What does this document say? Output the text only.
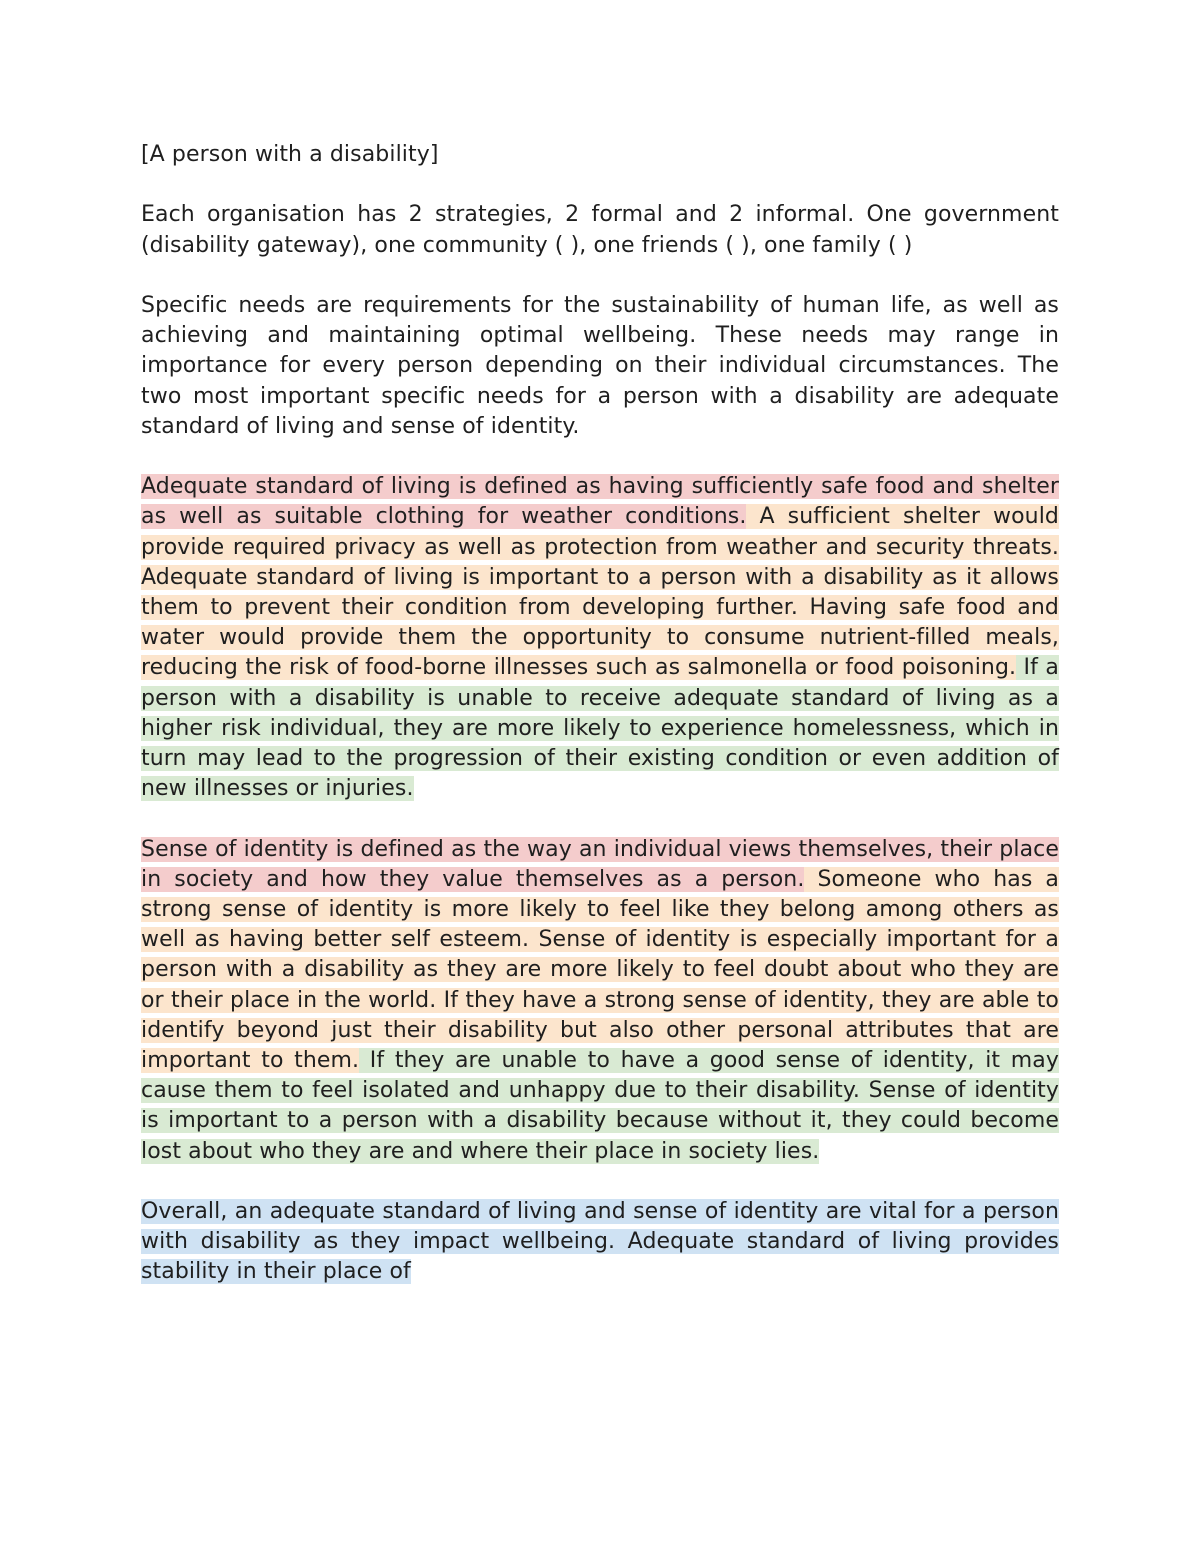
[A person with a disability]

Each organisation has 2 strategies, 2 formal and 2 informal. One government (disability gateway), one community ( ), one friends ( ), one family ( )

Specific needs are requirements for the sustainability of human life, as well as achieving and maintaining optimal wellbeing. These needs may range in importance for every person depending on their individual circumstances. The two most important specific needs for a person with a disability are adequate standard of living and sense of identity.

Adequate standard of living is defined as having sufficiently safe food and shelter as well as suitable clothing for weather conditions. A sufficient shelter would provide required privacy as well as protection from weather and security threats. Adequate standard of living is important to a person with a disability as it allows them to prevent their condition from developing further. Having safe food and water would provide them the opportunity to consume nutrient-filled meals, reducing the risk of food-borne illnesses such as salmonella or food poisoning. If a person with a disability is unable to receive adequate standard of living as a higher risk individual, they are more likely to experience homelessness, which in turn may lead to the progression of their existing condition or even addition of new illnesses or injuries.

Sense of identity is defined as the way an individual views themselves, their place in society and how they value themselves as a person. Someone who has a strong sense of identity is more likely to feel like they belong among others as well as having better self esteem. Sense of identity is especially important for a person with a disability as they are more likely to feel doubt about who they are or their place in the world. If they have a strong sense of identity, they are able to identify beyond just their disability but also other personal attributes that are important to them. If they are unable to have a good sense of identity, it may cause them to feel isolated and unhappy due to their disability. Sense of identity is important to a person with a disability because without it, they could become lost about who they are and where their place in society lies.

Overall, an adequate standard of living and sense of identity are vital for a person with disability as they impact wellbeing. Adequate standard of living provides stability in their place of
